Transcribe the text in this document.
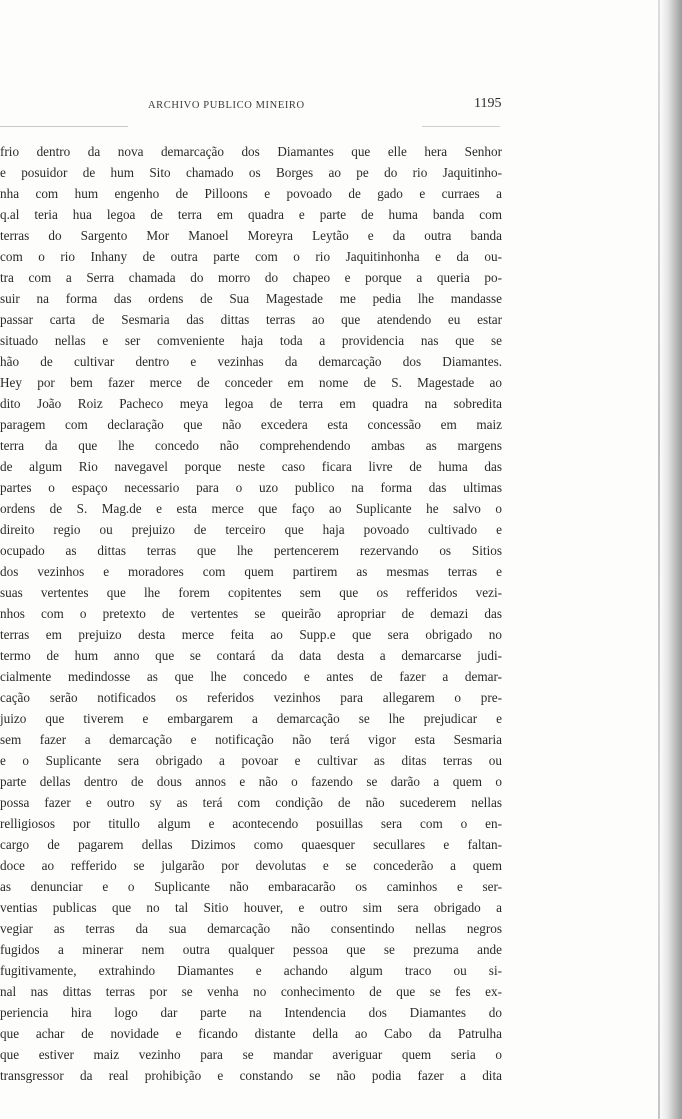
ARCHIVO PUBLICO MINEIRO	1195
frio dentro da nova demarcação dos Diamantes que elle hera Senhor
e posuidor de hum Sito chamado os Borges ao pe do rio Jaquitinho-
nha com hum engenho de Pilloons e povoado de gado e curraes a
q.al teria hua legoa de terra em quadra e parte de huma banda com
terras do Sargento Mor Manoel Moreyra Leytão e da outra banda
com o rio Inhany de outra parte com o rio Jaquitinhonha e da ou-
tra com a Serra chamada do morro do chapeo e porque a queria po-
suir na forma das ordens de Sua Magestade me pedia lhe mandasse
passar carta de Sesmaria das dittas terras ao que atendendo eu estar
situado nellas e ser comveniente haja toda a providencia nas que se
hão de cultivar dentro e vezinhas da demarcação dos Diamantes.
Hey por bem fazer merce de conceder em nome de S. Magestade ao
dito João Roiz Pacheco meya legoa de terra em quadra na sobredita
paragem com declaração que não excedera esta concessão em maiz
terra da que lhe concedo não comprehendendo ambas as margens
de algum Rio navegavel porque neste caso ficara livre de huma das
partes o espaço necessario para o uzo publico na forma das ultimas
ordens de S. Mag.de e esta merce que faço ao Suplicante he salvo o
direito regio ou prejuizo de terceiro que haja povoado cultivado e
ocupado as dittas terras que lhe pertencerem rezervando os Sitios
dos vezinhos e moradores com quem partirem as mesmas terras e
suas vertentes que lhe forem copitentes sem que os refferidos vezi-
nhos com o pretexto de vertentes se queirão apropriar de demazi das
terras em prejuizo desta merce feita ao Supp.e que sera obrigado no
termo de hum anno que se contará da data desta a demarcarse judi-
cialmente medindosse as que lhe concedo e antes de fazer a demar-
cação serão notificados os referidos vezinhos para allegarem o pre-
juizo que tiverem e embargarem a demarcação se lhe prejudicar e
sem fazer a demarcação e notificação não terá vigor esta Sesmaria
e o Suplicante sera obrigado a povoar e cultivar as ditas terras ou
parte dellas dentro de dous annos e não o fazendo se darão a quem o
possa fazer e outro sy as terá com condição de não sucederem nellas
relligiosos por titullo algum e acontecendo posuillas sera com o en-
cargo de pagarem dellas Dizimos como quaesquer secullares e faltan-
doce ao refferido se julgarão por devolutas e se concederão a quem
as denunciar e o Suplicante não embaracarão os caminhos e ser-
ventias publicas que no tal Sitio houver, e outro sim sera obrigado a
vegiar as terras da sua demarcação não consentindo nellas negros
fugidos a minerar nem outra qualquer pessoa que se prezuma ande
fugitivamente, extrahindo Diamantes e achando algum traco ou si-
nal nas dittas terras por se venha no conhecimento de que se fes ex-
periencia hira logo dar parte na Intendencia dos Diamantes do
que achar de novidade e ficando distante della ao Cabo da Patrulha
que estiver maiz vezinho para se mandar averiguar quem seria o
transgressor da real prohibição e constando se não podia fazer a dita
